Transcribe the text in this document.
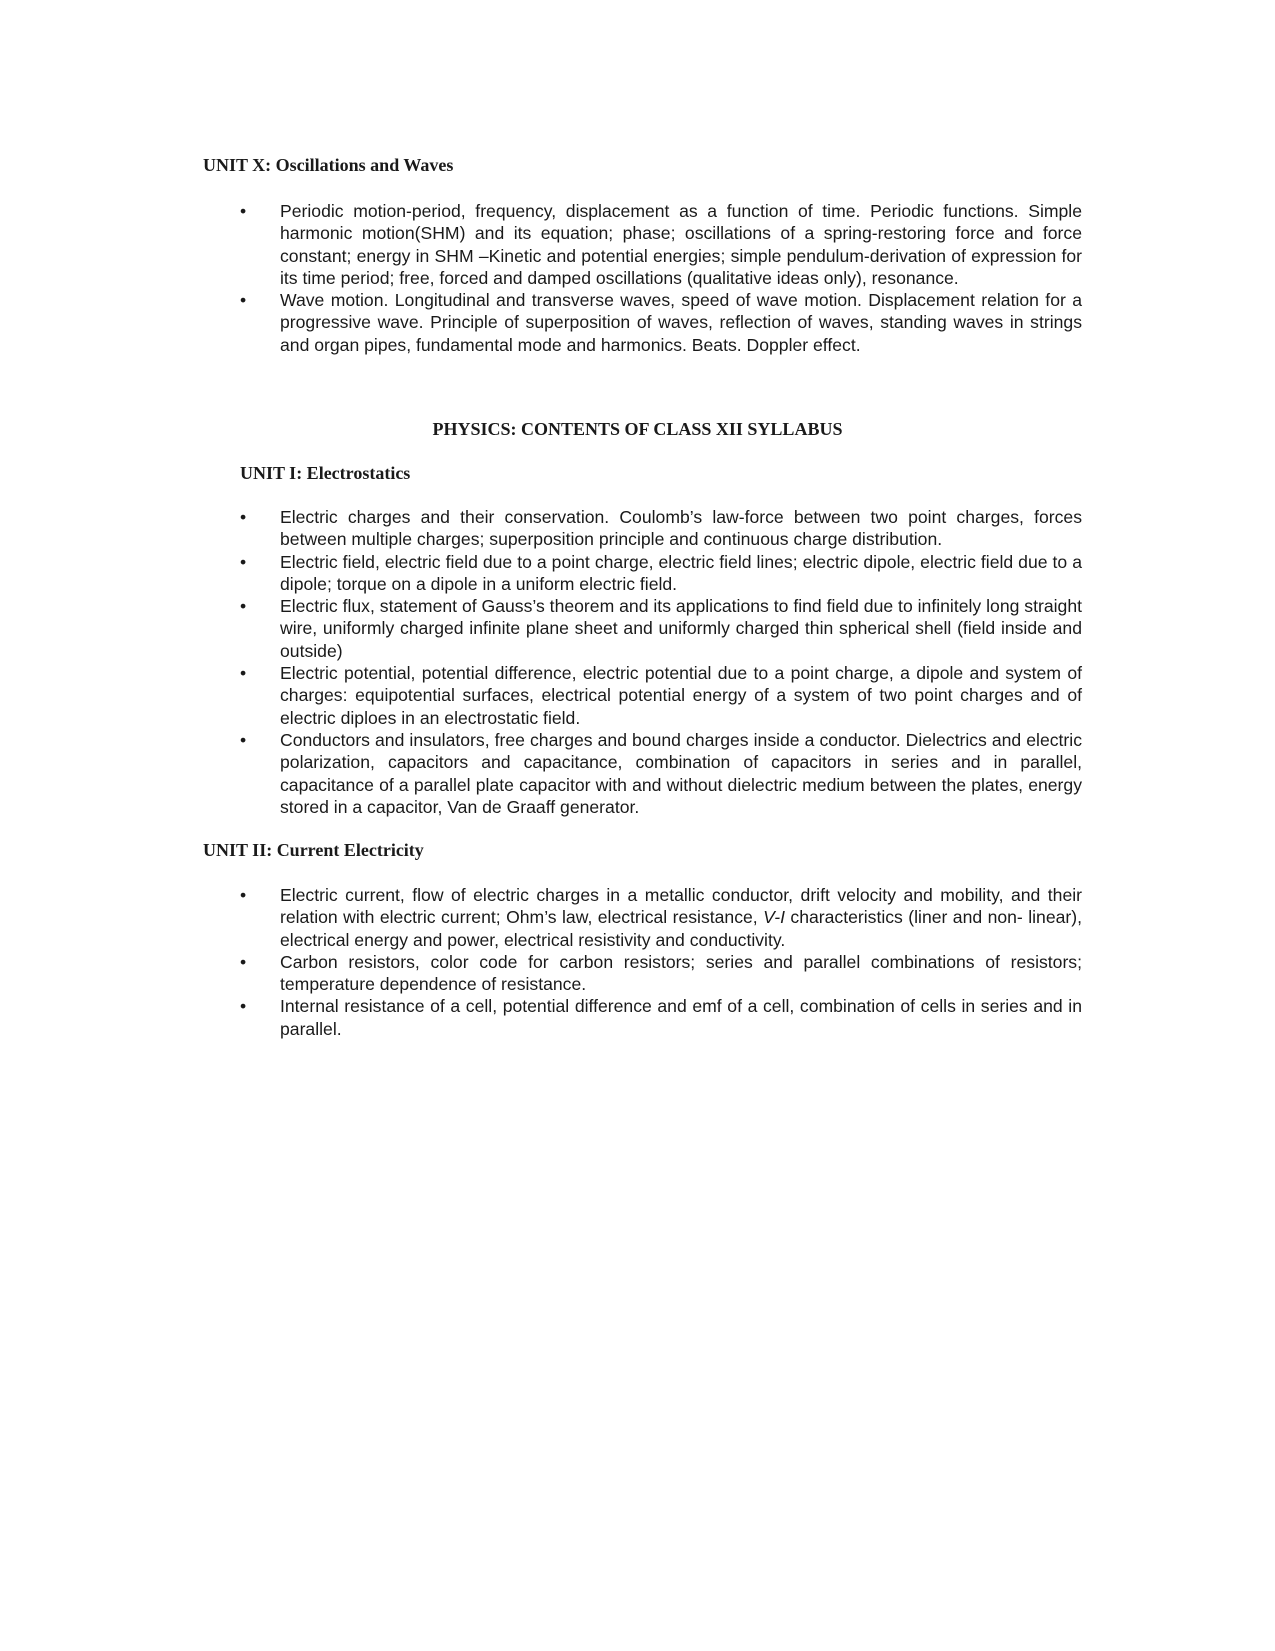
UNIT X: Oscillations and Waves
•	Periodic motion-period, frequency, displacement as a function of time. Periodic functions. Simple harmonic motion(SHM) and its equation; phase; oscillations of a spring-restoring force and force constant; energy in SHM –Kinetic and potential energies; simple pendulum-derivation of expression for its time period; free, forced and damped oscillations (qualitative ideas only), resonance.
•	Wave motion. Longitudinal and transverse waves, speed of wave motion. Displacement relation for a progressive wave. Principle of superposition of waves, reflection of waves, standing waves in strings and organ pipes, fundamental mode and harmonics. Beats. Doppler effect.
PHYSICS: CONTENTS OF CLASS XII SYLLABUS
UNIT I: Electrostatics
•	Electric charges and their conservation. Coulomb’s law-force between two point charges, forces between multiple charges; superposition principle and continuous charge distribution.
•	Electric field, electric field due to a point charge, electric field lines; electric dipole, electric field due to a dipole; torque on a dipole in a uniform electric field.
•	Electric flux, statement of Gauss’s theorem and its applications to find field due to infinitely long straight wire, uniformly charged infinite plane sheet and uniformly charged thin spherical shell (field inside and outside)
•	Electric potential, potential difference, electric potential due to a point charge, a dipole and system of charges: equipotential surfaces, electrical potential energy of a system of two point charges and of electric diploes in an electrostatic field.
•	Conductors and insulators, free charges and bound charges inside a conductor. Dielectrics and electric polarization, capacitors and capacitance, combination of capacitors in series and in parallel, capacitance of a parallel plate capacitor with and without dielectric medium between the plates, energy stored in a capacitor, Van de Graaff generator.
UNIT II: Current Electricity
•	Electric current, flow of electric charges in a metallic conductor, drift velocity and mobility, and their relation with electric current; Ohm’s law, electrical resistance, V-I characteristics (liner and non- linear), electrical energy and power, electrical resistivity and conductivity.
•	Carbon resistors, color code for carbon resistors; series and parallel combinations of resistors; temperature dependence of resistance.
•	Internal resistance of a cell, potential difference and emf of a cell, combination of cells in series and in parallel.
